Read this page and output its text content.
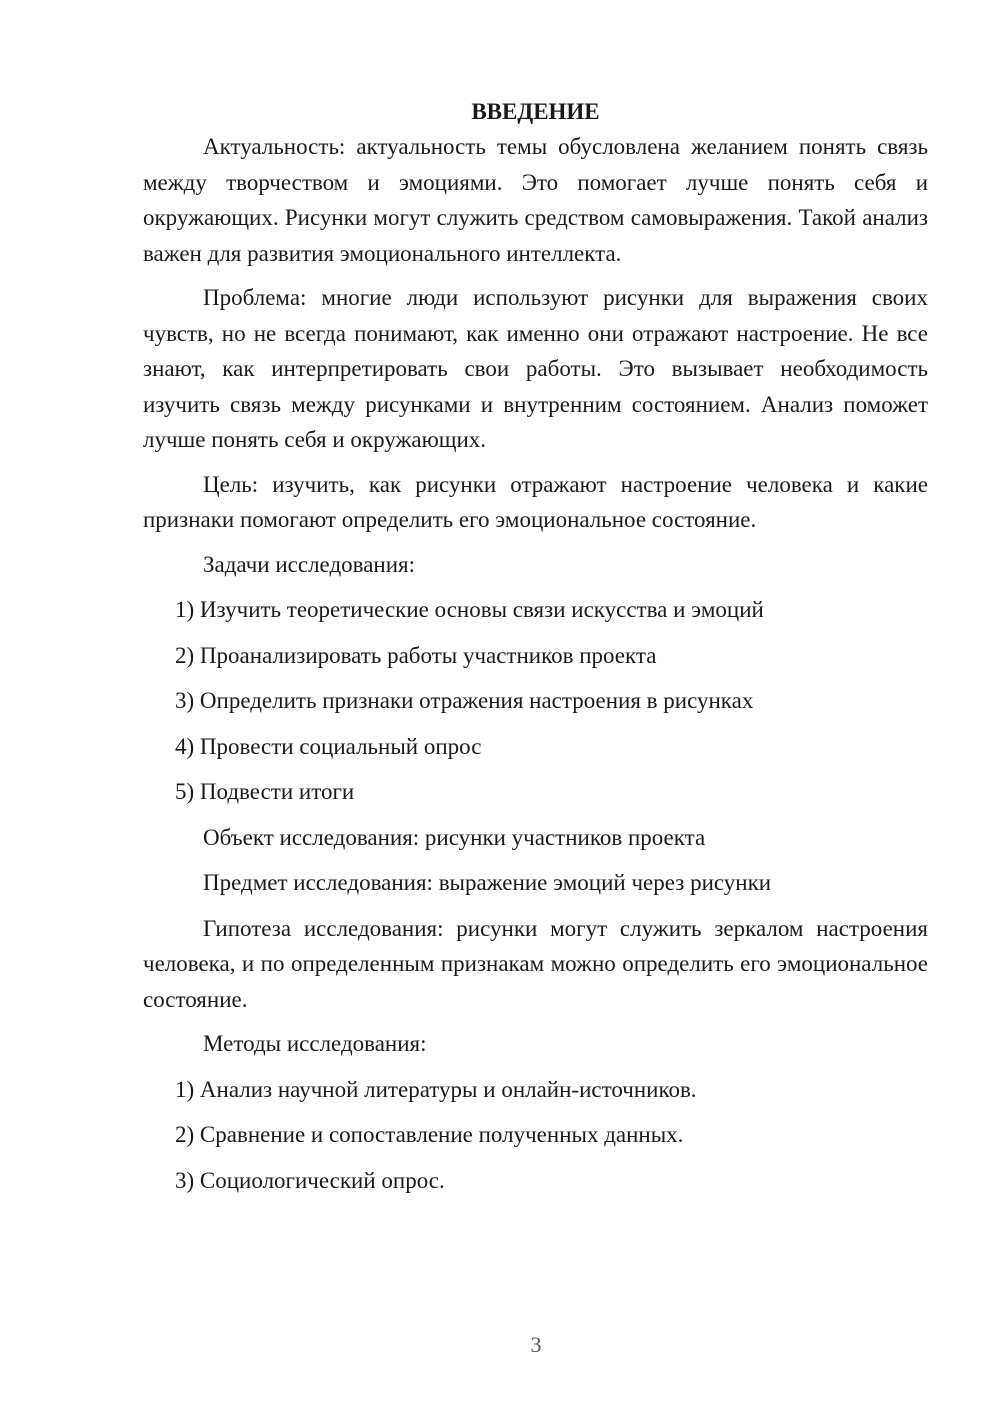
ВВЕДЕНИЕ

Актуальность: актуальность темы обусловлена желанием понять связь между творчеством и эмоциями. Это помогает лучше понять себя и окружающих. Рисунки могут служить средством самовыражения. Такой анализ важен для развития эмоционального интеллекта.

Проблема: многие люди используют рисунки для выражения своих чувств, но не всегда понимают, как именно они отражают настроение. Не все знают, как интерпретировать свои работы. Это вызывает необходимость изучить связь между рисунками и внутренним состоянием. Анализ поможет лучше понять себя и окружающих.

Цель: изучить, как рисунки отражают настроение человека и какие признаки помогают определить его эмоциональное состояние.

Задачи исследования:

1) Изучить теоретические основы связи искусства и эмоций

2) Проанализировать работы участников проекта

3) Определить признаки отражения настроения в рисунках

4) Провести социальный опрос

5) Подвести итоги

Объект исследования: рисунки участников проекта

Предмет исследования: выражение эмоций через рисунки

Гипотеза исследования: рисунки могут служить зеркалом настроения человека, и по определенным признакам можно определить его эмоциональное состояние.

Методы исследования:

1) Анализ научной литературы и онлайн-источников.

2) Сравнение и сопоставление полученных данных.

3) Социологический опрос.

3
